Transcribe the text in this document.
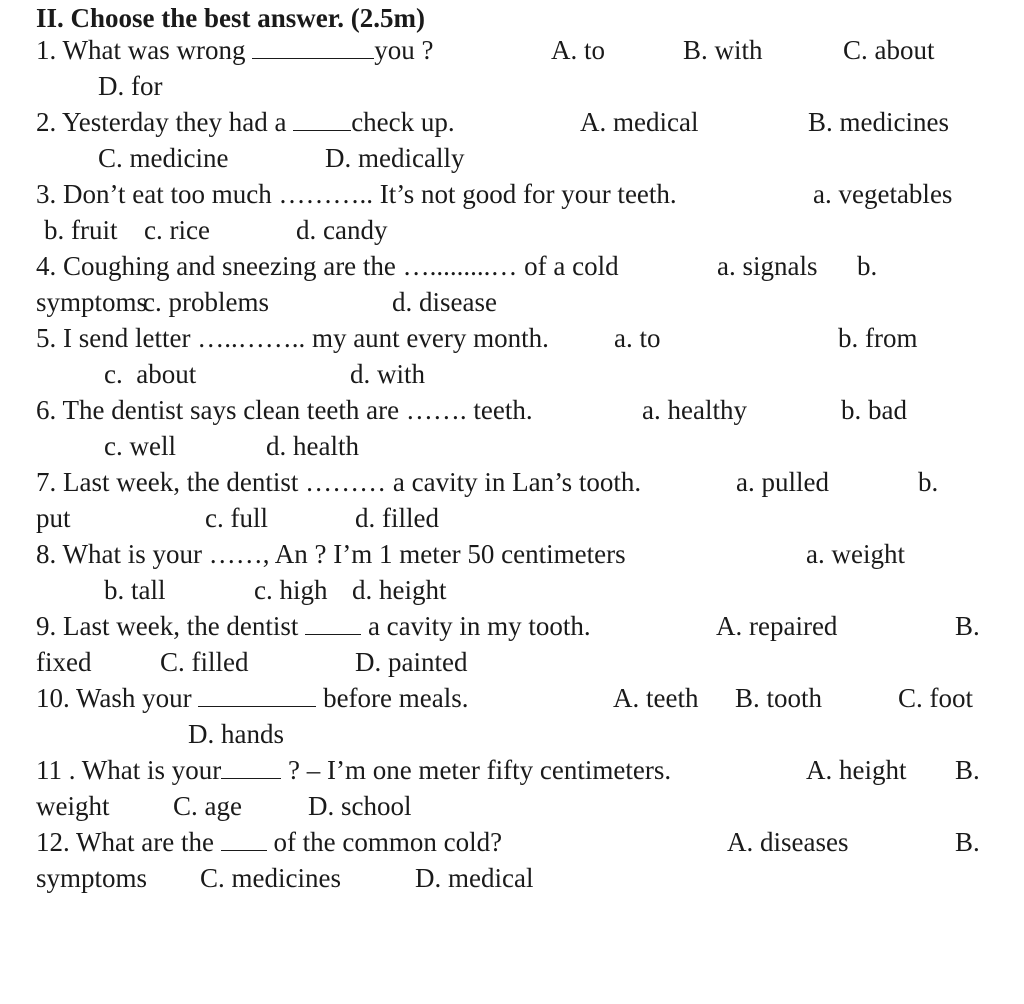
II. Choose the best answer. (2.5m)

1. What was wrong	you ?

	A. to

	B. with

	C. about

D. for

2. Yesterday they had a check up.

	A. medical

	B. medicines

C. medicine

	D. medically

3. Don’t eat too much ……….. It’s not good for your teeth.

	a. vegetables

b. fruit

c. rice

	d. candy

4. Coughing and sneezing are the ….........… of a cold

	a. signals

b.

symptoms

c. problems

	d. disease

5. I send letter …..…….. my aunt every month.

a. to

	b. from

c.  about

	d. with

6. The dentist says clean teeth are ……. teeth.

	a. healthy

	b. bad

c. well

	d. health

7. Last week, the dentist ……… a cavity in Lan’s tooth.

	a. pulled

	b.

put

	c. full

	d. filled

8. What is your ……, An ? I’m 1 meter 50 centimeters

	a. weight

b. tall

	c. high

d. height

9. Last week, the dentist  a cavity in my tooth.

	A. repaired

	B.

fixed

	C. filled

	D. painted

10. Wash your	before meals.

	A. teeth

B. tooth

	C. foot

D. hands

11 . What is your ? – I’m one meter fifty centimeters.

	A. height

B.

weight

C. age

D. school

12. What are the  of the common cold?

	A. diseases

	B.

symptoms

C. medicines

	D. medical
